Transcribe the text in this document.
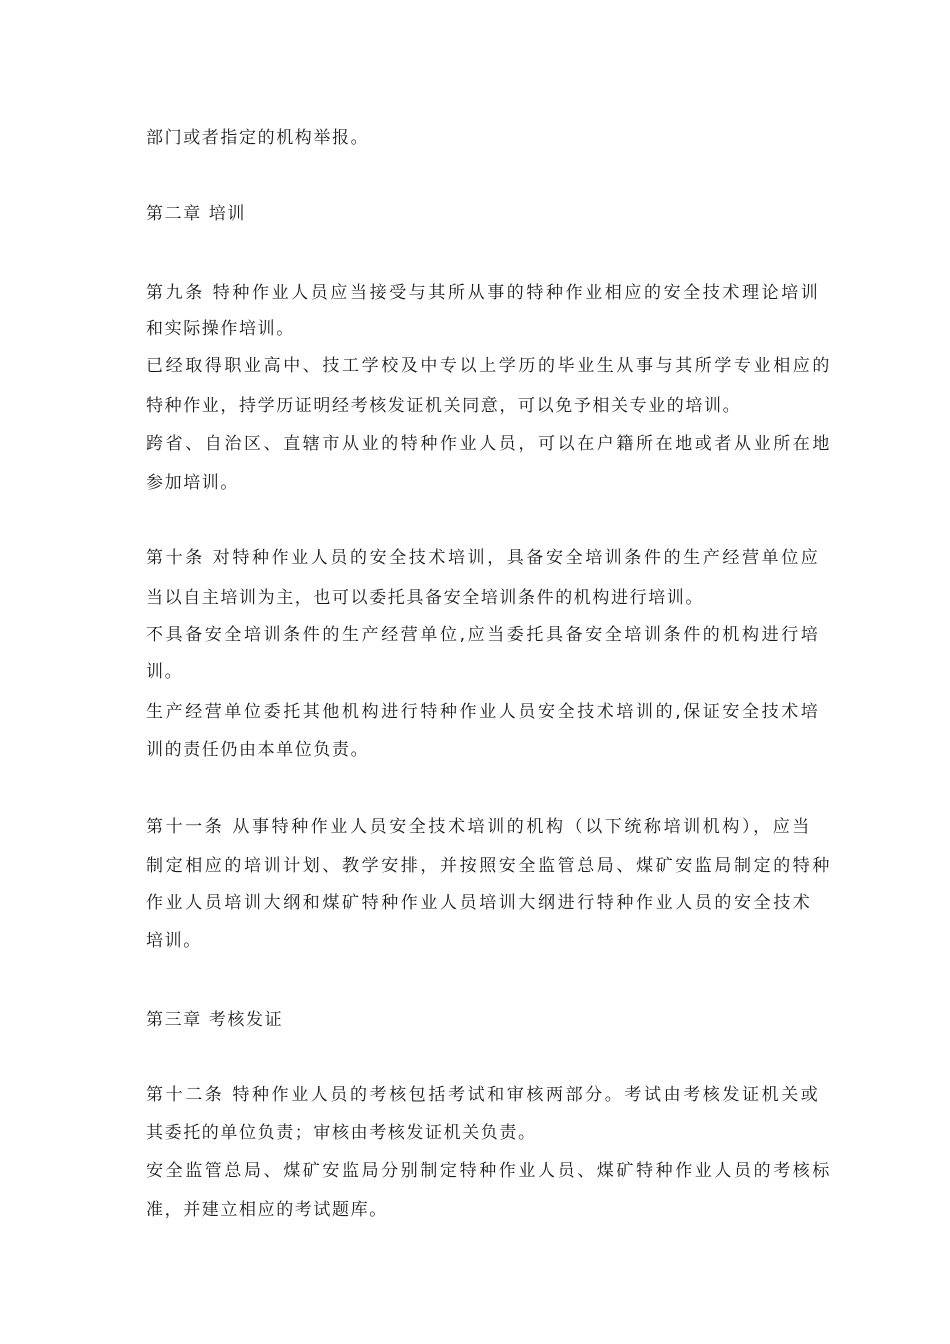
部门或者指定的机构举报。
第二章 培训
第九条 特种作业人员应当接受与其所从事的特种作业相应的安全技术理论培训
和实际操作培训。
已经取得职业高中、技工学校及中专以上学历的毕业生从事与其所学专业相应的
特种作业，持学历证明经考核发证机关同意，可以免予相关专业的培训。
跨省、自治区、直辖市从业的特种作业人员，可以在户籍所在地或者从业所在地
参加培训。
第十条 对特种作业人员的安全技术培训，具备安全培训条件的生产经营单位应
当以自主培训为主，也可以委托具备安全培训条件的机构进行培训。
不具备安全培训条件的生产经营单位,应当委托具备安全培训条件的机构进行培
训。
生产经营单位委托其他机构进行特种作业人员安全技术培训的,保证安全技术培
训的责任仍由本单位负责。
第十一条 从事特种作业人员安全技术培训的机构（以下统称培训机构），应当
制定相应的培训计划、教学安排，并按照安全监管总局、煤矿安监局制定的特种
作业人员培训大纲和煤矿特种作业人员培训大纲进行特种作业人员的安全技术
培训。
第三章 考核发证
第十二条 特种作业人员的考核包括考试和审核两部分。考试由考核发证机关或
其委托的单位负责；审核由考核发证机关负责。
安全监管总局、煤矿安监局分别制定特种作业人员、煤矿特种作业人员的考核标
准，并建立相应的考试题库。
